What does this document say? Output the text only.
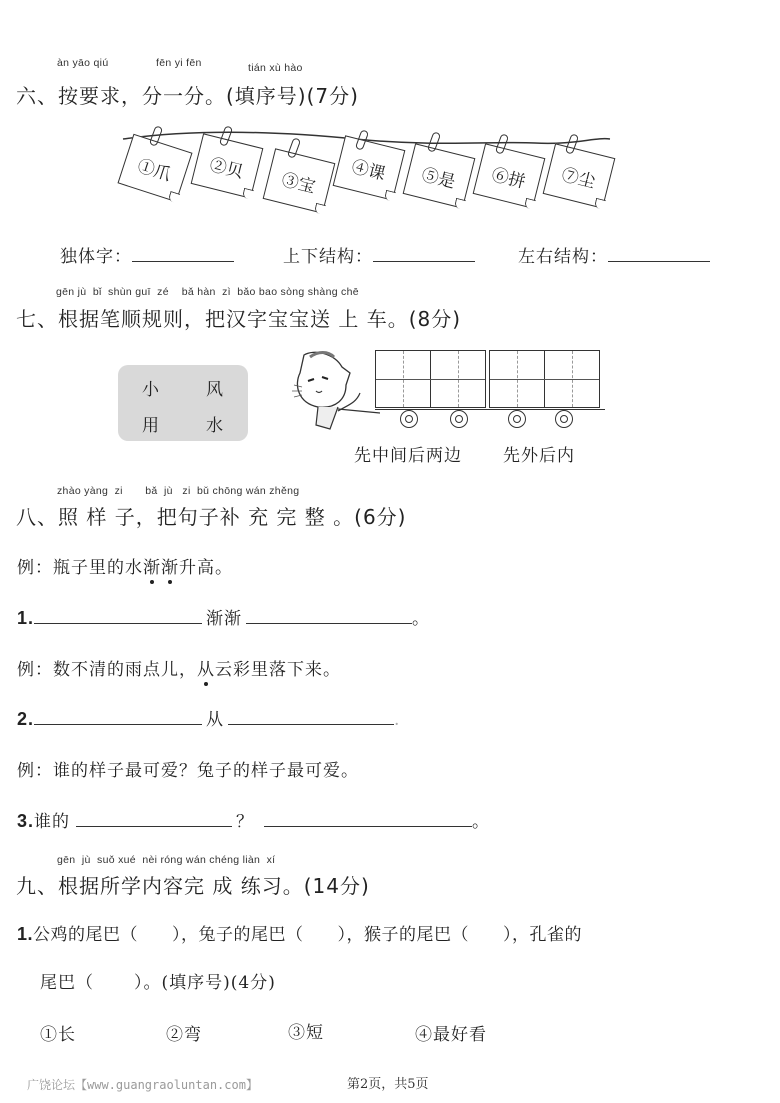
àn yāo qiú	fēn yi fēn	tián xù hào
六、按要求，分一分。(填序号)(7分)
①爪 ②贝
③宝 ④课 ⑤是 ⑥拼 ⑦尘
独体字：	上下结构：	左右结构：
gēn jù  bǐ  shùn guī  zé    bǎ hàn  zì  bǎo bao sòng shàng chē
七、根据笔顺规则，把汉字宝宝送 上 车。(8分)
小	风
用	水
先中间后两边 先外后内
zhào yàng  zi       bǎ  jù   zi  bǔ chōng wán zhěng
八、照 样 子，把句子补 充 完 整 。(6分)
例：瓶子里的水渐渐升高。
1.	渐渐	。
例：数不清的雨点儿，从云彩里落下来。
2.	从	.
例：谁的样子最可爱？兔子的样子最可爱。
3.谁的	？	。
gēn  jù  suǒ xué  nèi róng wán chéng liàn  xí
九、根据所学内容完 成 练习。(14分)
1.公鸡的尾巴（ ），兔子的尾巴（ ），猴子的尾巴（ ），孔雀的
尾巴（ ）。(填序号)(4分)
①长	②弯	③短	④最好看
广饶论坛【www.guangraoluntan.com】	第2页，共5页
